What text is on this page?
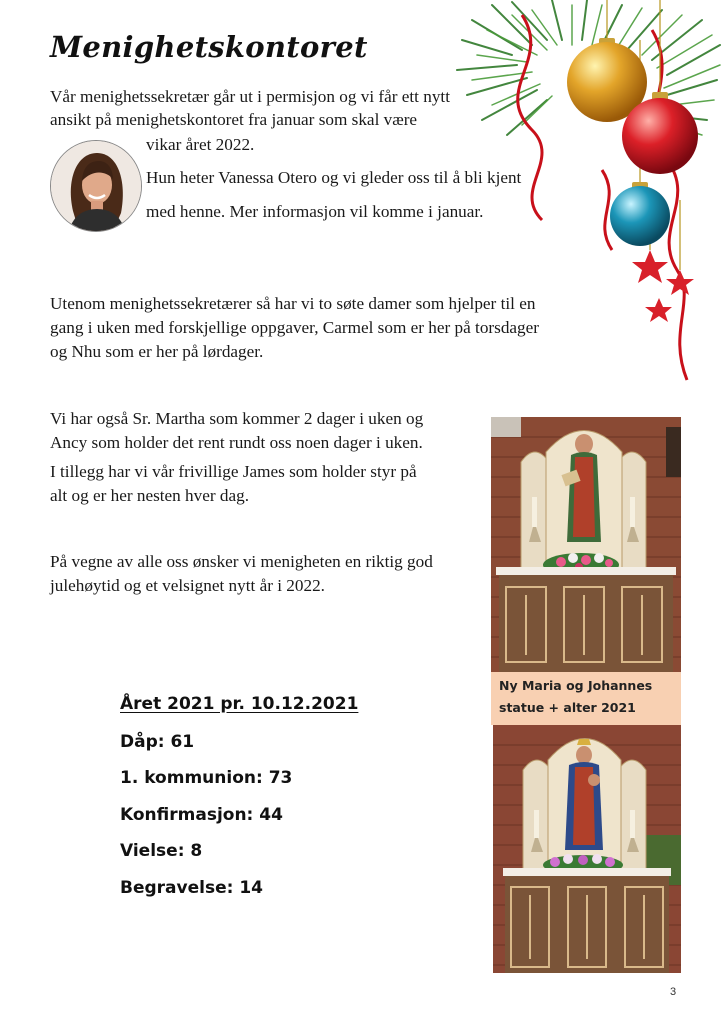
Menighetskontoret
Vår menighetssekretær går ut i permisjon og vi får ett nytt
ansikt på menighetskontoret fra januar som skal være
vikar året 2022.
Hun heter Vanessa Otero og vi gleder oss til å bli kjent
med henne. Mer informasjon vil komme i januar.
Utenom menighetssekretærer så har vi to søte damer som hjelper til en
gang i uken med forskjellige oppgaver, Carmel som er her på torsdager
og Nhu som er her på lørdager.
Vi har også Sr. Martha som kommer 2 dager i uken og
Ancy som holder det rent rundt oss noen dager i uken.
I tillegg har vi vår frivillige James som holder styr på
alt og er her nesten hver dag.
På vegne av alle oss ønsker vi menigheten en riktig god
julehøytid og et velsignet nytt år i 2022.
Ny Maria og Johannes
statue + alter 2021
Året 2021 pr. 10.12.2021
Dåp: 61
1. kommunion: 73
Konfirmasjon: 44
Vielse: 8
Begravelse: 14
3
